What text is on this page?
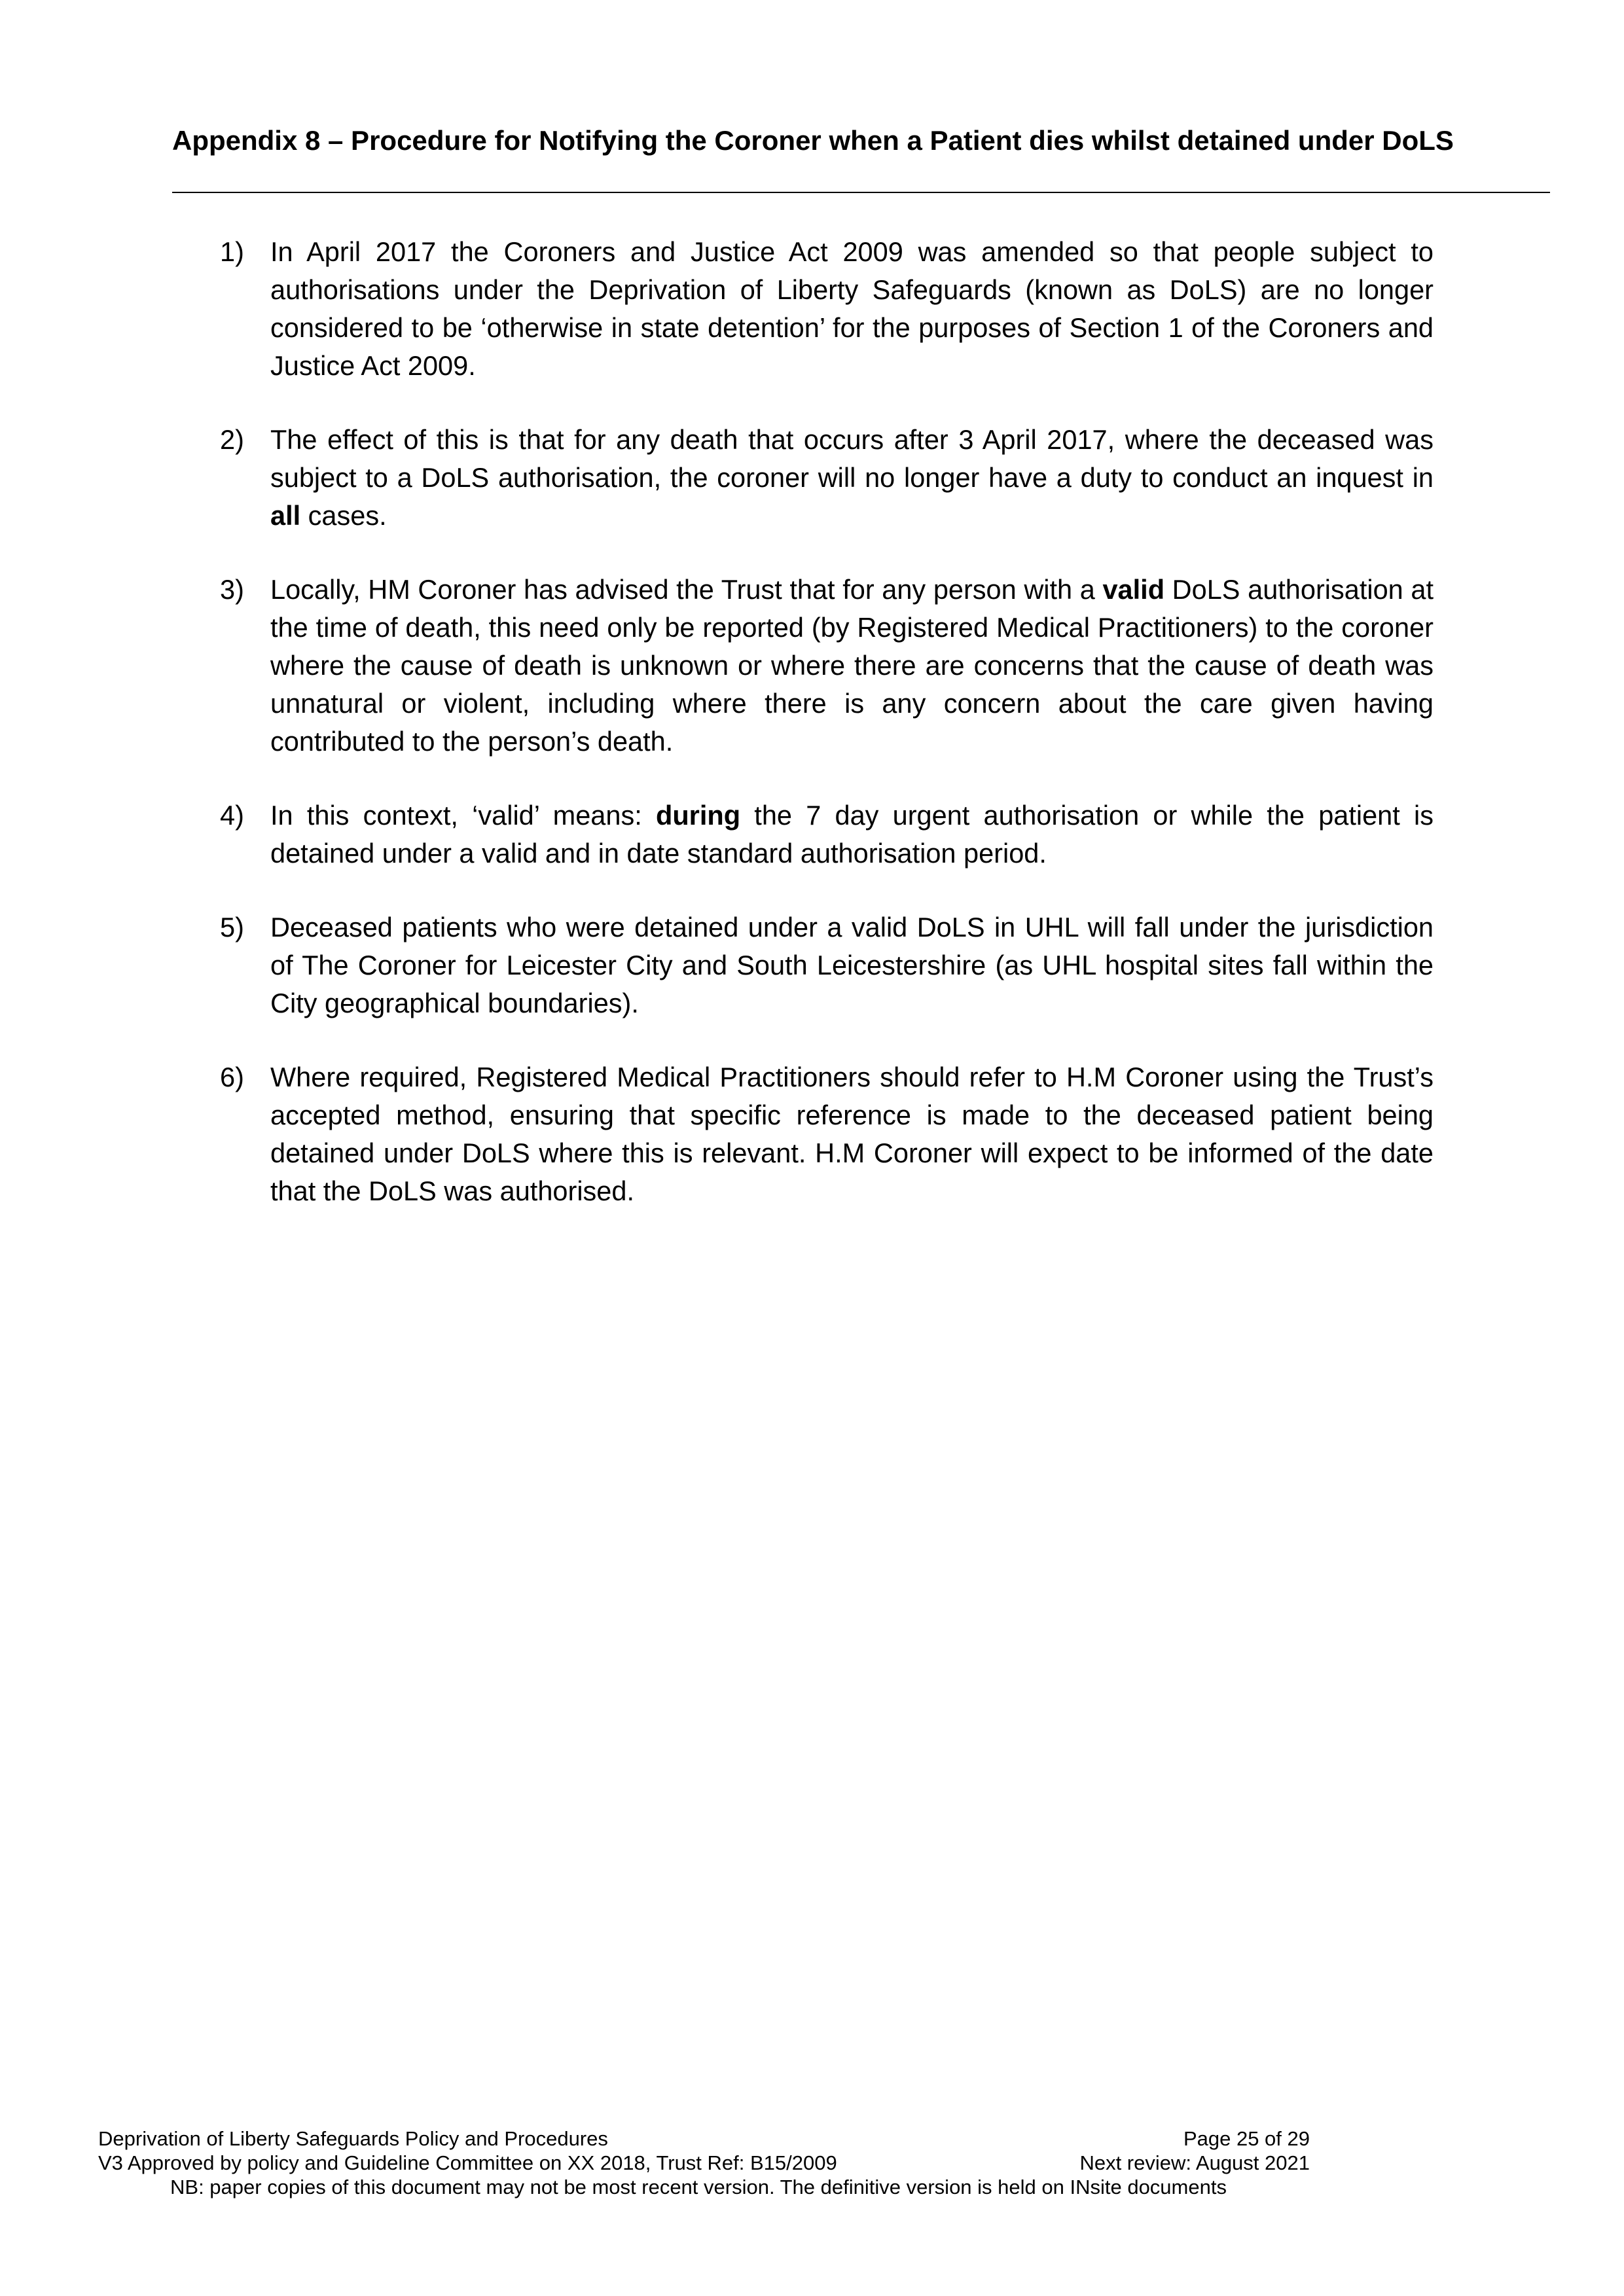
Appendix 8 – Procedure for Notifying the Coroner when a Patient dies whilst detained under DoLS
1) In April 2017 the Coroners and Justice Act 2009 was amended so that people subject to authorisations under the Deprivation of Liberty Safeguards (known as DoLS) are no longer considered to be ‘otherwise in state detention’ for the purposes of Section 1 of the Coroners and Justice Act 2009.
2) The effect of this is that for any death that occurs after 3 April 2017, where the deceased was subject to a DoLS authorisation, the coroner will no longer have a duty to conduct an inquest in all cases.
3) Locally, HM Coroner has advised the Trust that for any person with a valid DoLS authorisation at the time of death, this need only be reported (by Registered Medical Practitioners) to the coroner where the cause of death is unknown or where there are concerns that the cause of death was unnatural or violent, including where there is any concern about the care given having contributed to the person’s death.
4) In this context, ‘valid’ means: during the 7 day urgent authorisation or while the patient is detained under a valid and in date standard authorisation period.
5) Deceased patients who were detained under a valid DoLS in UHL will fall under the jurisdiction of The Coroner for Leicester City and South Leicestershire (as UHL hospital sites fall within the City geographical boundaries).
6) Where required, Registered Medical Practitioners should refer to H.M Coroner using the Trust’s accepted method, ensuring that specific reference is made to the deceased patient being detained under DoLS where this is relevant. H.M Coroner will expect to be informed of the date that the DoLS was authorised.
Deprivation of Liberty Safeguards Policy and Procedures	Page 25 of 29
V3 Approved by policy and Guideline Committee on XX 2018, Trust Ref: B15/2009	Next review: August 2021
NB: paper copies of this document may not be most recent version. The definitive version is held on INsite documents
